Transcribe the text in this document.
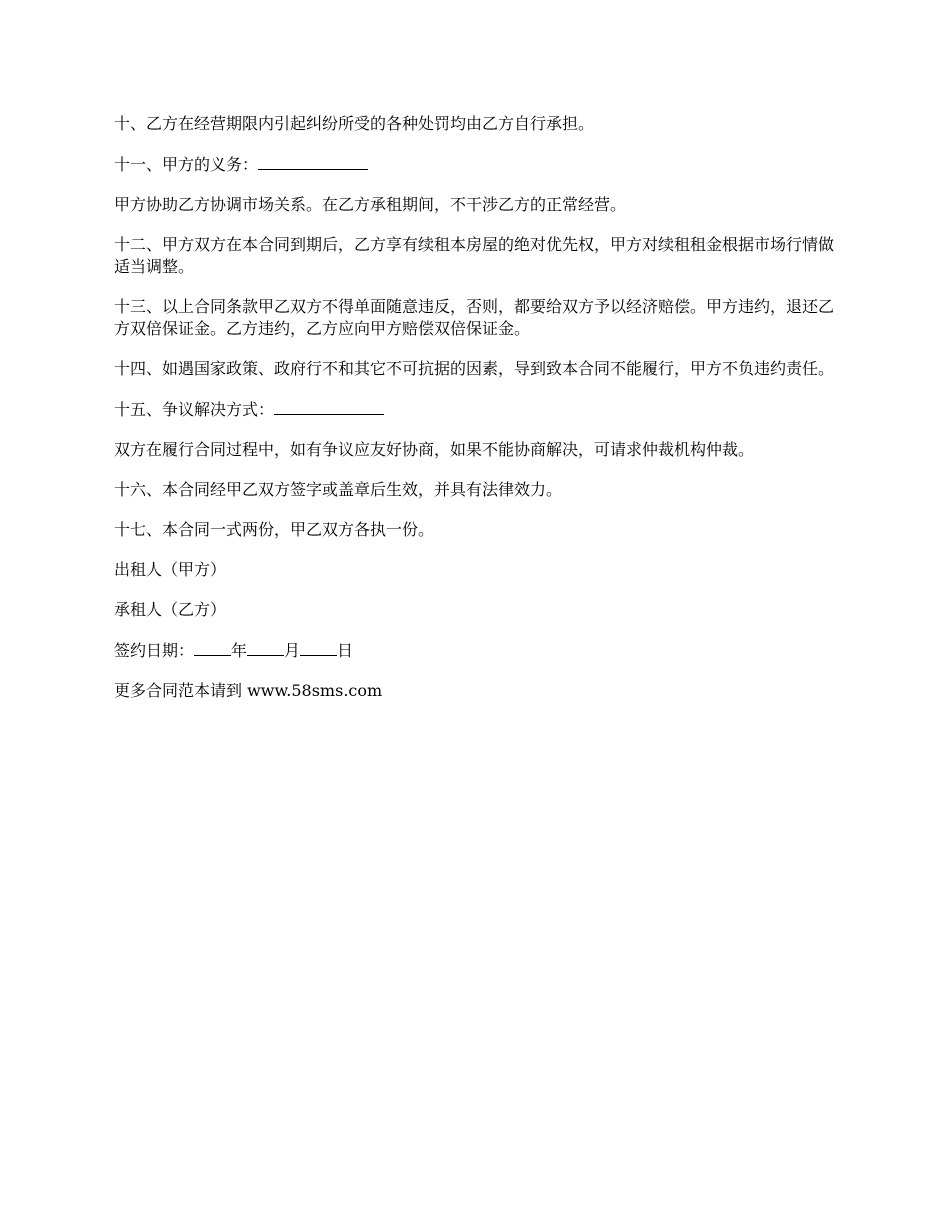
十、乙方在经营期限内引起纠纷所受的各种处罚均由乙方自行承担。

十一、甲方的义务：

甲方协助乙方协调市场关系。在乙方承租期间，不干涉乙方的正常经营。

十二、甲方双方在本合同到期后，乙方享有续租本房屋的绝对优先权，甲方对续租租金根据市场行情做适当调整。

十三、以上合同条款甲乙双方不得单面随意违反，否则，都要给双方予以经济赔偿。甲方违约，退还乙方双倍保证金。乙方违约，乙方应向甲方赔偿双倍保证金。

十四、如遇国家政策、政府行不和其它不可抗据的因素，导到致本合同不能履行，甲方不负违约责任。

十五、争议解决方式：

双方在履行合同过程中，如有争议应友好协商，如果不能协商解决，可请求仲裁机构仲裁。

十六、本合同经甲乙双方签字或盖章后生效，并具有法律效力。

十七、本合同一式两份，甲乙双方各执一份。

出租人（甲方）

承租人（乙方）

签约日期： 年 月 日

更多合同范本请到 www.58sms.com
